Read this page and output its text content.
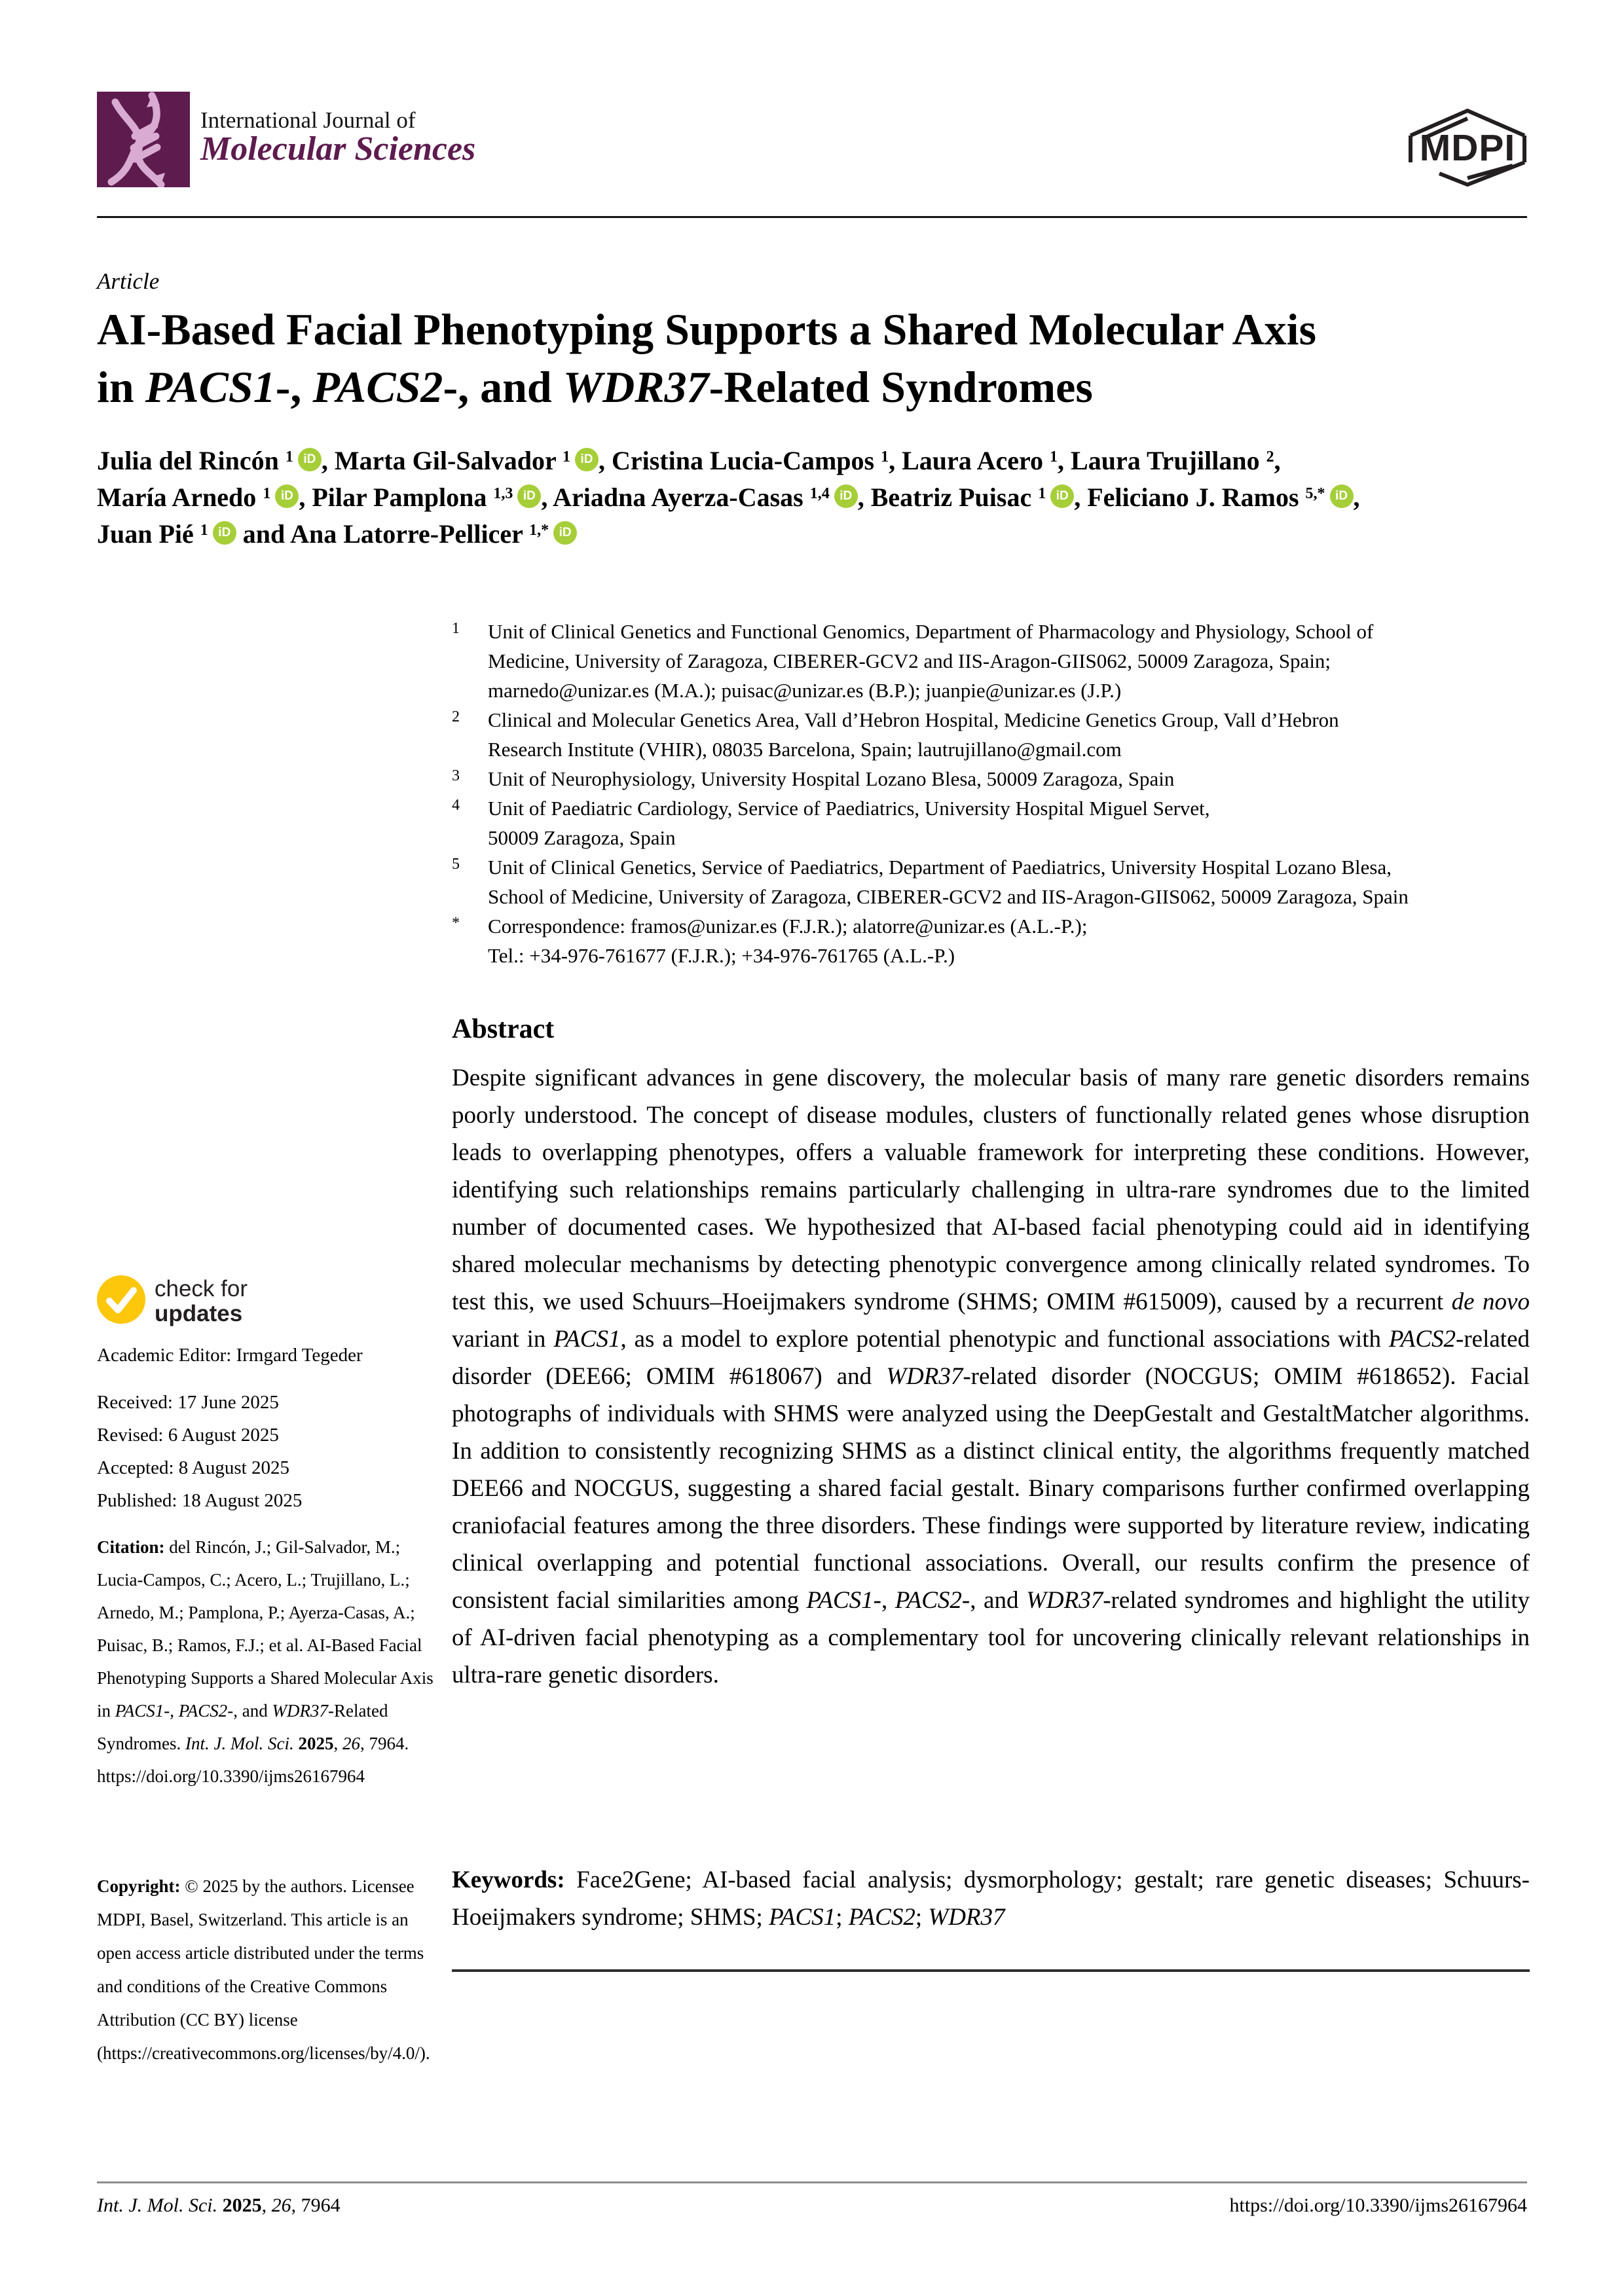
International Journal of
Molecular Sciences	MDPI
Article
AI-Based Facial Phenotyping Supports a Shared Molecular Axis
in PACS1-, PACS2-, and WDR37-Related Syndromes
Julia del Rincón $^1$ iD , Marta Gil-Salvador $^1$ iD , Cristina Lucia-Campos $^1$, Laura Acero $^1$, Laura Trujillano $^2$,
María Arnedo $^1$ iD , Pilar Pamplona $^{1,3}$ iD , Ariadna Ayerza-Casas $^{1,4}$ iD , Beatriz Puisac $^1$ iD , Feliciano J. Ramos $^{5,*}$ iD ,
Juan Pié $^1$ iD and Ana Latorre-Pellicer $^{1,*}$ iD
1	Unit of Clinical Genetics and Functional Genomics, Department of Pharmacology and Physiology, School of
Medicine, University of Zaragoza, CIBERER-GCV2 and IIS-Aragon-GIIS062, 50009 Zaragoza, Spain;
marnedo@unizar.es (M.A.); puisac@unizar.es (B.P.); juanpie@unizar.es (J.P.)
2	Clinical and Molecular Genetics Area, Vall d’Hebron Hospital, Medicine Genetics Group, Vall d’Hebron
Research Institute (VHIR), 08035 Barcelona, Spain; lautrujillano@gmail.com
3	Unit of Neurophysiology, University Hospital Lozano Blesa, 50009 Zaragoza, Spain
4	Unit of Paediatric Cardiology, Service of Paediatrics, University Hospital Miguel Servet,
50009 Zaragoza, Spain
5	Unit of Clinical Genetics, Service of Paediatrics, Department of Paediatrics, University Hospital Lozano Blesa,
School of Medicine, University of Zaragoza, CIBERER-GCV2 and IIS-Aragon-GIIS062, 50009 Zaragoza, Spain
*	Correspondence: framos@unizar.es (F.J.R.); alatorre@unizar.es (A.L.-P.);
Tel.: +34-976-761677 (F.J.R.); +34-976-761765 (A.L.-P.)
Abstract
Despite significant advances in gene discovery, the molecular basis of many rare genetic disorders remains poorly understood. The concept of disease modules, clusters of functionally related genes whose disruption leads to overlapping phenotypes, offers a valuable framework for interpreting these conditions. However, identifying such relationships remains particularly challenging in ultra-rare syndromes due to the limited number of documented cases. We hypothesized that AI-based facial phenotyping could aid in identifying shared molecular mechanisms by detecting phenotypic convergence among clinically related syndromes. To test this, we used Schuurs–Hoeijmakers syndrome (SHMS; OMIM #615009), caused by a recurrent de novo variant in PACS1, as a model to explore potential phenotypic and functional associations with PACS2-related disorder (DEE66; OMIM #618067) and WDR37-related disorder (NOCGUS; OMIM #618652). Facial photographs of individuals with SHMS were analyzed using the DeepGestalt and GestaltMatcher algorithms. In addition to consistently recognizing SHMS as a distinct clinical entity, the algorithms frequently matched DEE66 and NOCGUS, suggesting a shared facial gestalt. Binary comparisons further confirmed overlapping craniofacial features among the three disorders. These findings were supported by literature review, indicating clinical overlapping and potential functional associations. Overall, our results confirm the presence of consistent facial similarities among PACS1-, PACS2-, and WDR37-related syndromes and highlight the utility of AI-driven facial phenotyping as a complementary tool for uncovering clinically relevant relationships in ultra-rare genetic disorders.
Keywords: Face2Gene; AI-based facial analysis; dysmorphology; gestalt; rare genetic diseases; Schuurs-Hoeijmakers syndrome; SHMS; PACS1; PACS2; WDR37
check for
updates
Academic Editor: Irmgard Tegeder
Received: 17 June 2025
Revised: 6 August 2025
Accepted: 8 August 2025
Published: 18 August 2025
Citation: del Rincón, J.; Gil-Salvador, M.; Lucia-Campos, C.; Acero, L.; Trujillano, L.; Arnedo, M.; Pamplona, P.; Ayerza-Casas, A.; Puisac, B.; Ramos, F.J.; et al. AI-Based Facial Phenotyping Supports a Shared Molecular Axis in PACS1-, PACS2-, and WDR37-Related Syndromes. Int. J. Mol. Sci. 2025, 26, 7964. https://doi.org/10.3390/ijms26167964
Copyright: © 2025 by the authors. Licensee MDPI, Basel, Switzerland. This article is an open access article distributed under the terms and conditions of the Creative Commons Attribution (CC BY) license (https://creativecommons.org/licenses/by/4.0/).
Int. J. Mol. Sci. 2025, 26, 7964	https://doi.org/10.3390/ijms26167964
